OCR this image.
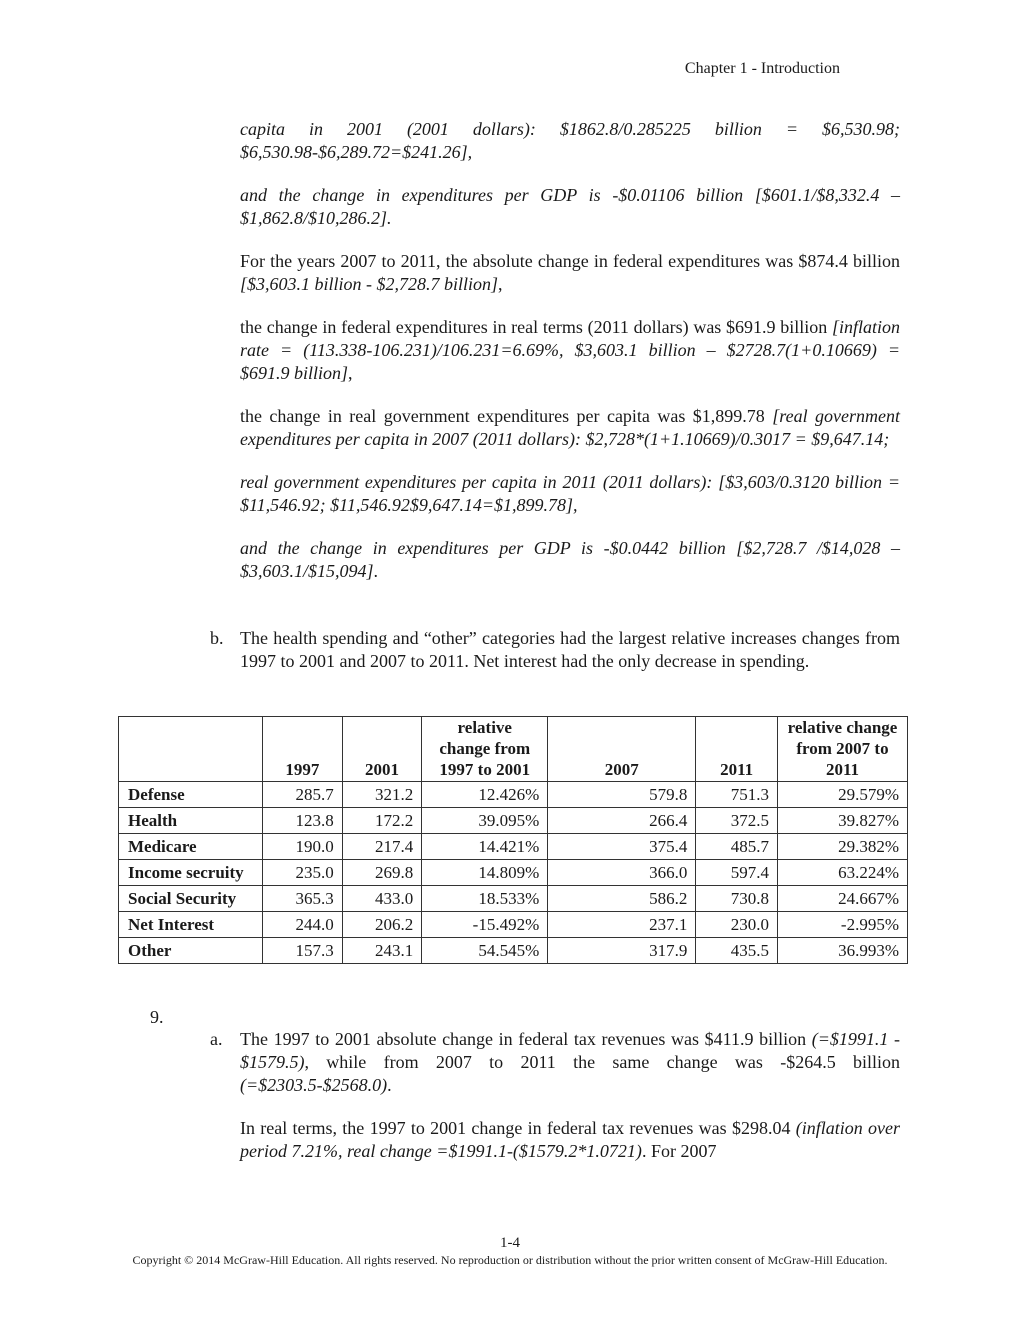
Chapter 1 - Introduction

capita in 2001 (2001 dollars): $1862.8/0.285225 billion = $6,530.98; $6,530.98-$6,289.72=$241.26],

and the change in expenditures per GDP is -$0.01106 billion [$601.1/$8,332.4 – $1,862.8/$10,286.2].

For the years 2007 to 2011, the absolute change in federal expenditures was $874.4 billion [$3,603.1 billion - $2,728.7 billion],

the change in federal expenditures in real terms (2011 dollars) was $691.9 billion [inflation rate = (113.338-106.231)/106.231=6.69%, $3,603.1 billion – $2728.7(1+0.10669) = $691.9 billion],

the change in real government expenditures per capita was $1,899.78 [real government expenditures per capita in 2007 (2011 dollars): $2,728*(1+1.10669)/0.3017 = $9,647.14;

real government expenditures per capita in 2011 (2011 dollars): [$3,603/0.3120 billion = $11,546.92; $11,546.92$9,647.14=$1,899.78],

and the change in expenditures per GDP is -$0.0442 billion [$2,728.7 /$14,028 – $3,603.1/$15,094].

b. The health spending and “other” categories had the largest relative increases changes from 1997 to 2001 and 2007 to 2011. Net interest had the only decrease in spending.
	1997	2001	relative change from 1997 to 2001	2007	2011	relative change from 2007 to 2011
Defense	285.7	321.2	12.426%	579.8	751.3	29.579%
Health	123.8	172.2	39.095%	266.4	372.5	39.827%
Medicare	190.0	217.4	14.421%	375.4	485.7	29.382%
Income secruity	235.0	269.8	14.809%	366.0	597.4	63.224%
Social Security	365.3	433.0	18.533%	586.2	730.8	24.667%
Net Interest	244.0	206.2	-15.492%	237.1	230.0	-2.995%
Other	157.3	243.1	54.545%	317.9	435.5	36.993%
9.
a. The 1997 to 2001 absolute change in federal tax revenues was $411.9 billion (=$1991.1 - $1579.5), while from 2007 to 2011 the same change was -$264.5 billion (=$2303.5-$2568.0).

In real terms, the 1997 to 2001 change in federal tax revenues was $298.04 (inflation over period 7.21%, real change =$1991.1-($1579.2*1.0721). For 2007

1-4
Copyright © 2014 McGraw-Hill Education. All rights reserved. No reproduction or distribution without the prior written consent of McGraw-Hill Education.
